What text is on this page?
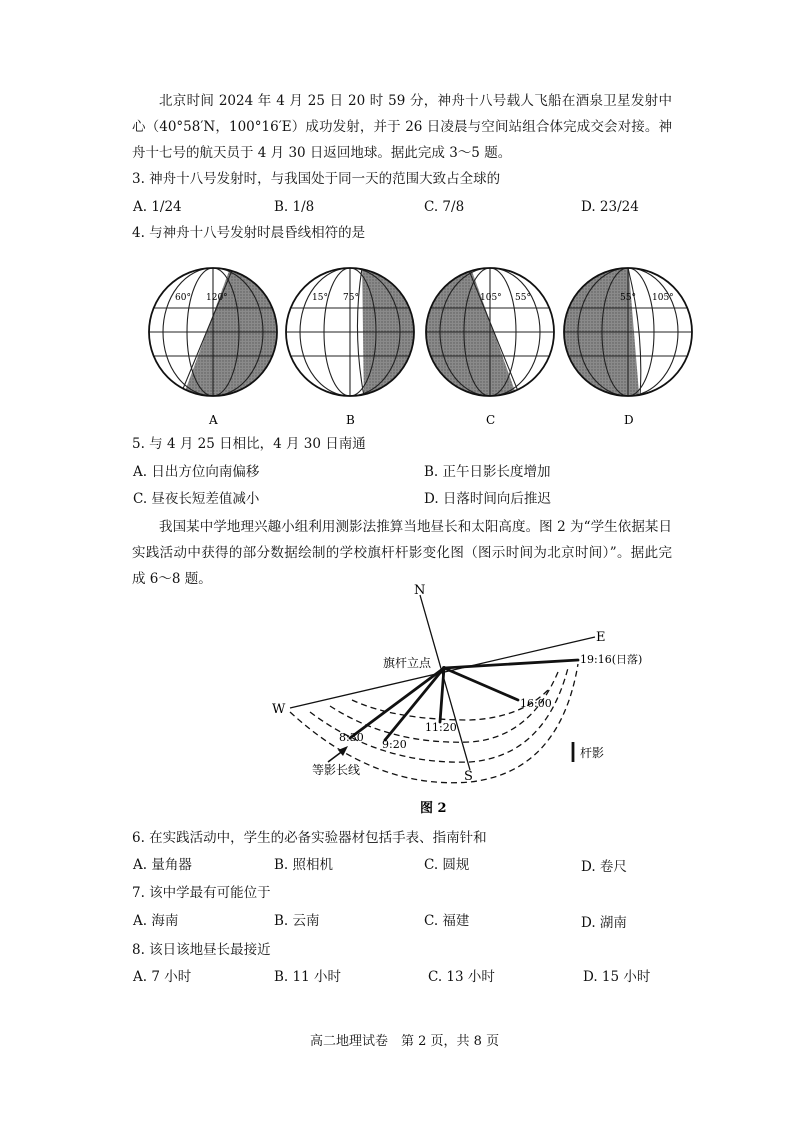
北京时间 2024 年 4 月 25 日 20 时 59 分，神舟十八号载人飞船在酒泉卫星发射中心（40°58′N，100°16′E）成功发射，并于 26 日凌晨与空间站组合体完成交会对接。神舟十七号的航天员于 4 月 30 日返回地球。据此完成 3～5 题。
3. 神舟十八号发射时，与我国处于同一天的范围大致占全球的
A. 1/24	B. 1/8	C. 7/8	D. 23/24
4. 与神舟十八号发射时晨昏线相符的是
60° 120°
A
15° 75°
B
105° 55°
C
55° 105°
D
5. 与 4 月 25 日相比，4 月 30 日南通
A. 日出方位向南偏移	B. 正午日影长度增加
C. 昼夜长短差值减小	D. 日落时间向后推迟
我国某中学地理兴趣小组利用测影法推算当地昼长和太阳高度。图 2 为“学生依据某日实践活动中获得的部分数据绘制的学校旗杆杆影变化图（图示时间为北京时间）”。据此完成 6～8 题。
N
S
E
W
旗杆立点
8:30
9:20
11:20
16:00
19:16(日落)
等影长线
杆影
图 2
6. 在实践活动中，学生的必备实验器材包括手表、指南针和
A. 量角器	B. 照相机	C. 圆规	D. 卷尺
7. 该中学最有可能位于
A. 海南	B. 云南	C. 福建	D. 湖南
8. 该日该地昼长最接近
A. 7 小时	B. 11 小时	C. 13 小时	D. 15 小时
高二地理试卷　第 2 页，共 8 页
